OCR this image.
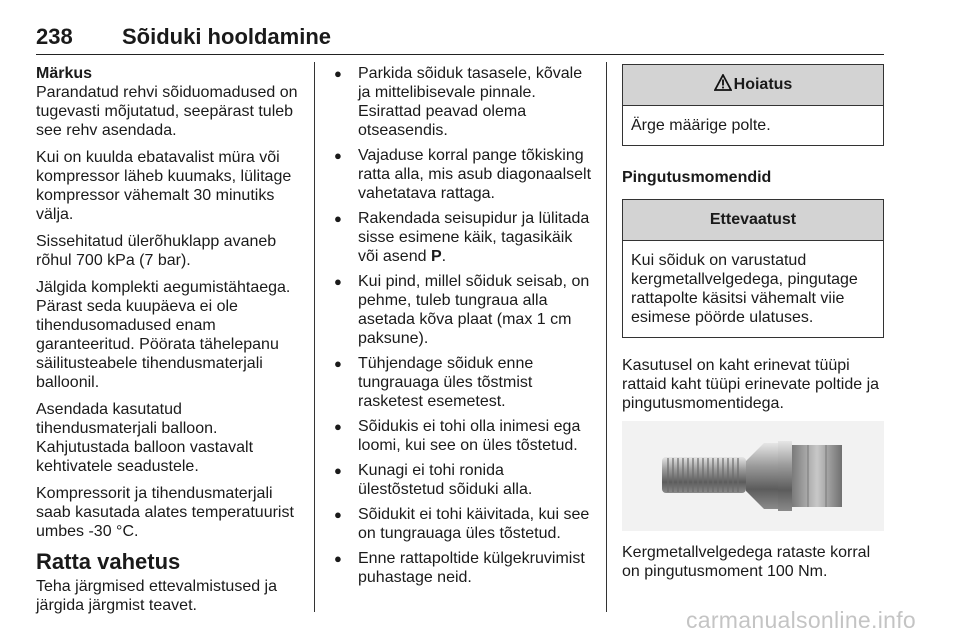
238 Sõiduki hooldamine

Märkus

Parandatud rehvi sõiduomadused on tugevasti mõjutatud, seepärast tuleb see rehv asendada.

Kui on kuulda ebatavalist müra või kompressor läheb kuumaks, lülitage kompressor vähemalt 30 minutiks välja.

Sissehitatud ülerõhuklapp avaneb rõhul 700 kPa (7 bar).

Jälgida komplekti aegumistähtaega. Pärast seda kuupäeva ei ole tihendusomadused enam garanteeritud. Pöörata tähelepanu säilitusteabele tihendusmaterjali balloonil.

Asendada kasutatud tihendusmaterjali balloon. Kahjutustada balloon vastavalt kehtivatele seadustele.

Kompressorit ja tihendusmaterjali saab kasutada alates temperatuurist umbes -30 °C.

Ratta vahetus

Teha järgmised ettevalmistused ja järgida järgmist teavet.

● Parkida sõiduk tasasele, kõvale ja mittelibisevale pinnale. Esirattad peavad olema otseasendis.
● Vajaduse korral pange tõkisking ratta alla, mis asub diagonaalselt vahetatava rattaga.
● Rakendada seisupidur ja lülitada sisse esimene käik, tagasikäik või asend P.
● Kui pind, millel sõiduk seisab, on pehme, tuleb tungraua alla asetada kõva plaat (max 1 cm paksune).
● Tühjendage sõiduk enne tungrauaga üles tõstmist rasketest esemetest.
● Sõidukis ei tohi olla inimesi ega loomi, kui see on üles tõstetud.
● Kunagi ei tohi ronida ülestõstetud sõiduki alla.
● Sõidukit ei tohi käivitada, kui see on tungrauaga üles tõstetud.
● Enne rattapoltide külgekruvimist puhastage neid.
Hoiatus
Ärge määrige polte.
Pingutusmomendid
Ettevaatust
Kui sõiduk on varustatud kergmetallvelgedega, pingutage rattapolte käsitsi vähemalt viie esimese pöörde ulatuses.

Kasutusel on kaht erinevat tüüpi rattaid kaht tüüpi erinevate poltide ja pingutusmomentidega.

Kergmetallvelgedega rataste korral on pingutusmoment 100 Nm.

carmanualsonline.info
